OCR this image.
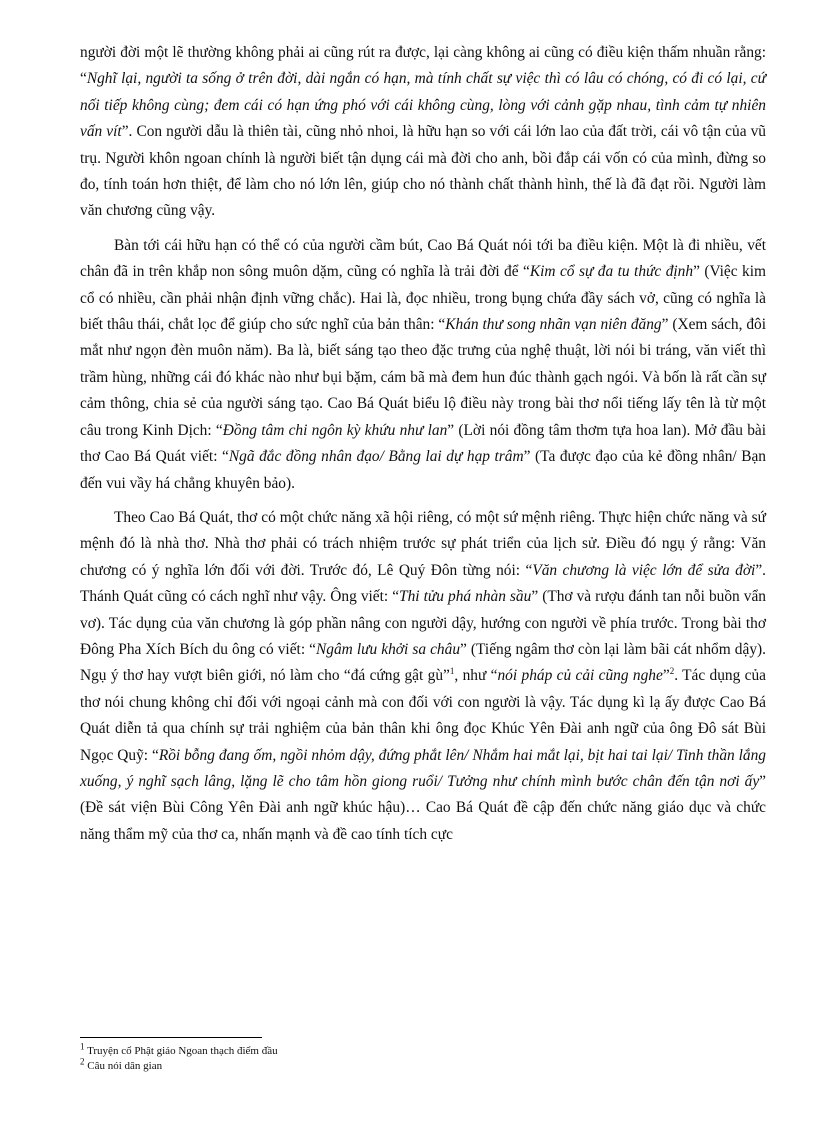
người đời một lẽ thường không phải ai cũng rút ra được, lại càng không ai cũng có điều kiện thấm nhuần rằng: “Nghĩ lại, người ta sống ở trên đời, dài ngắn có hạn, mà tính chất sự việc thì có lâu có chóng, có đi có lại, cứ nối tiếp không cùng; đem cái có hạn ứng phó với cái không cùng, lòng với cảnh gặp nhau, tình cảm tự nhiên vấn vít”. Con người dẫu là thiên tài, cũng nhỏ nhoi, là hữu hạn so với cái lớn lao của đất trời, cái vô tận của vũ trụ. Người khôn ngoan chính là người biết tận dụng cái mà đời cho anh, bồi đắp cái vốn có của mình, đừng so đo, tính toán hơn thiệt, để làm cho nó lớn lên, giúp cho nó thành chất thành hình, thế là đã đạt rồi. Người làm văn chương cũng vậy.

Bàn tới cái hữu hạn có thể có của người cầm bút, Cao Bá Quát nói tới ba điều kiện. Một là đi nhiều, vết chân đã in trên khắp non sông muôn dặm, cũng có nghĩa là trải đời để “Kim cổ sự đa tu thức định” (Việc kim cổ có nhiều, cần phải nhận định vững chắc). Hai là, đọc nhiều, trong bụng chứa đầy sách vở, cũng có nghĩa là biết thâu thái, chắt lọc để giúp cho sức nghĩ của bản thân: “Khán thư song nhãn vạn niên đăng” (Xem sách, đôi mắt như ngọn đèn muôn năm). Ba là, biết sáng tạo theo đặc trưng của nghệ thuật, lời nói bi tráng, văn viết thì trầm hùng, những cái đó khác nào như bụi bặm, cám bã mà đem hun đúc thành gạch ngói. Và bốn là rất cần sự cảm thông, chia sẻ của người sáng tạo. Cao Bá Quát biểu lộ điều này trong bài thơ nổi tiếng lấy tên là từ một câu trong Kinh Dịch: “Đồng tâm chi ngôn kỳ khứu như lan” (Lời nói đồng tâm thơm tựa hoa lan). Mở đầu bài thơ Cao Bá Quát viết: “Ngã đắc đồng nhân đạo/ Bằng lai dự hạp trâm” (Ta được đạo của kẻ đồng nhân/ Bạn đến vui vầy há chẳng khuyên bảo).

Theo Cao Bá Quát, thơ có một chức năng xã hội riêng, có một sứ mệnh riêng. Thực hiện chức năng và sứ mệnh đó là nhà thơ. Nhà thơ phải có trách nhiệm trước sự phát triển của lịch sử. Điều đó ngụ ý rằng: Văn chương có ý nghĩa lớn đối với đời. Trước đó, Lê Quý Đôn từng nói: “Văn chương là việc lớn để sửa đời”. Thánh Quát cũng có cách nghĩ như vậy. Ông viết: “Thi tửu phá nhàn sầu” (Thơ và rượu đánh tan nỗi buồn vẩn vơ). Tác dụng của văn chương là góp phần nâng con người dậy, hướng con người về phía trước. Trong bài thơ Đông Pha Xích Bích du ông có viết: “Ngâm lưu khởi sa châu” (Tiếng ngâm thơ còn lại làm bãi cát nhổm dậy). Ngụ ý thơ hay vượt biên giới, nó làm cho “đá cứng gật gù”$^1$, như “nói pháp củ cải cũng nghe”$^2$. Tác dụng của thơ nói chung không chỉ đối với ngoại cảnh mà con đối với con người là vậy. Tác dụng kì lạ ấy được Cao Bá Quát diễn tả qua chính sự trải nghiệm của bản thân khi ông đọc Khúc Yên Đài anh ngữ của ông Đô sát Bùi Ngọc Quỹ: “Rồi bỗng đang ốm, ngồi nhỏm dậy, đứng phắt lên/ Nhắm hai mắt lại, bịt hai tai lại/ Tinh thần lắng xuống, ý nghĩ sạch lâng, lặng lẽ cho tâm hồn giong ruổi/ Tưởng như chính mình bước chân đến tận nơi ấy” (Đề sát viện Bùi Công Yên Đài anh ngữ khúc hậu)… Cao Bá Quát đề cập đến chức năng giáo dục và chức năng thẩm mỹ của thơ ca, nhấn mạnh và đề cao tính tích cực

$^1$ Truyện cổ Phật giáo Ngoan thạch điểm đầu
$^2$ Câu nói dân gian
